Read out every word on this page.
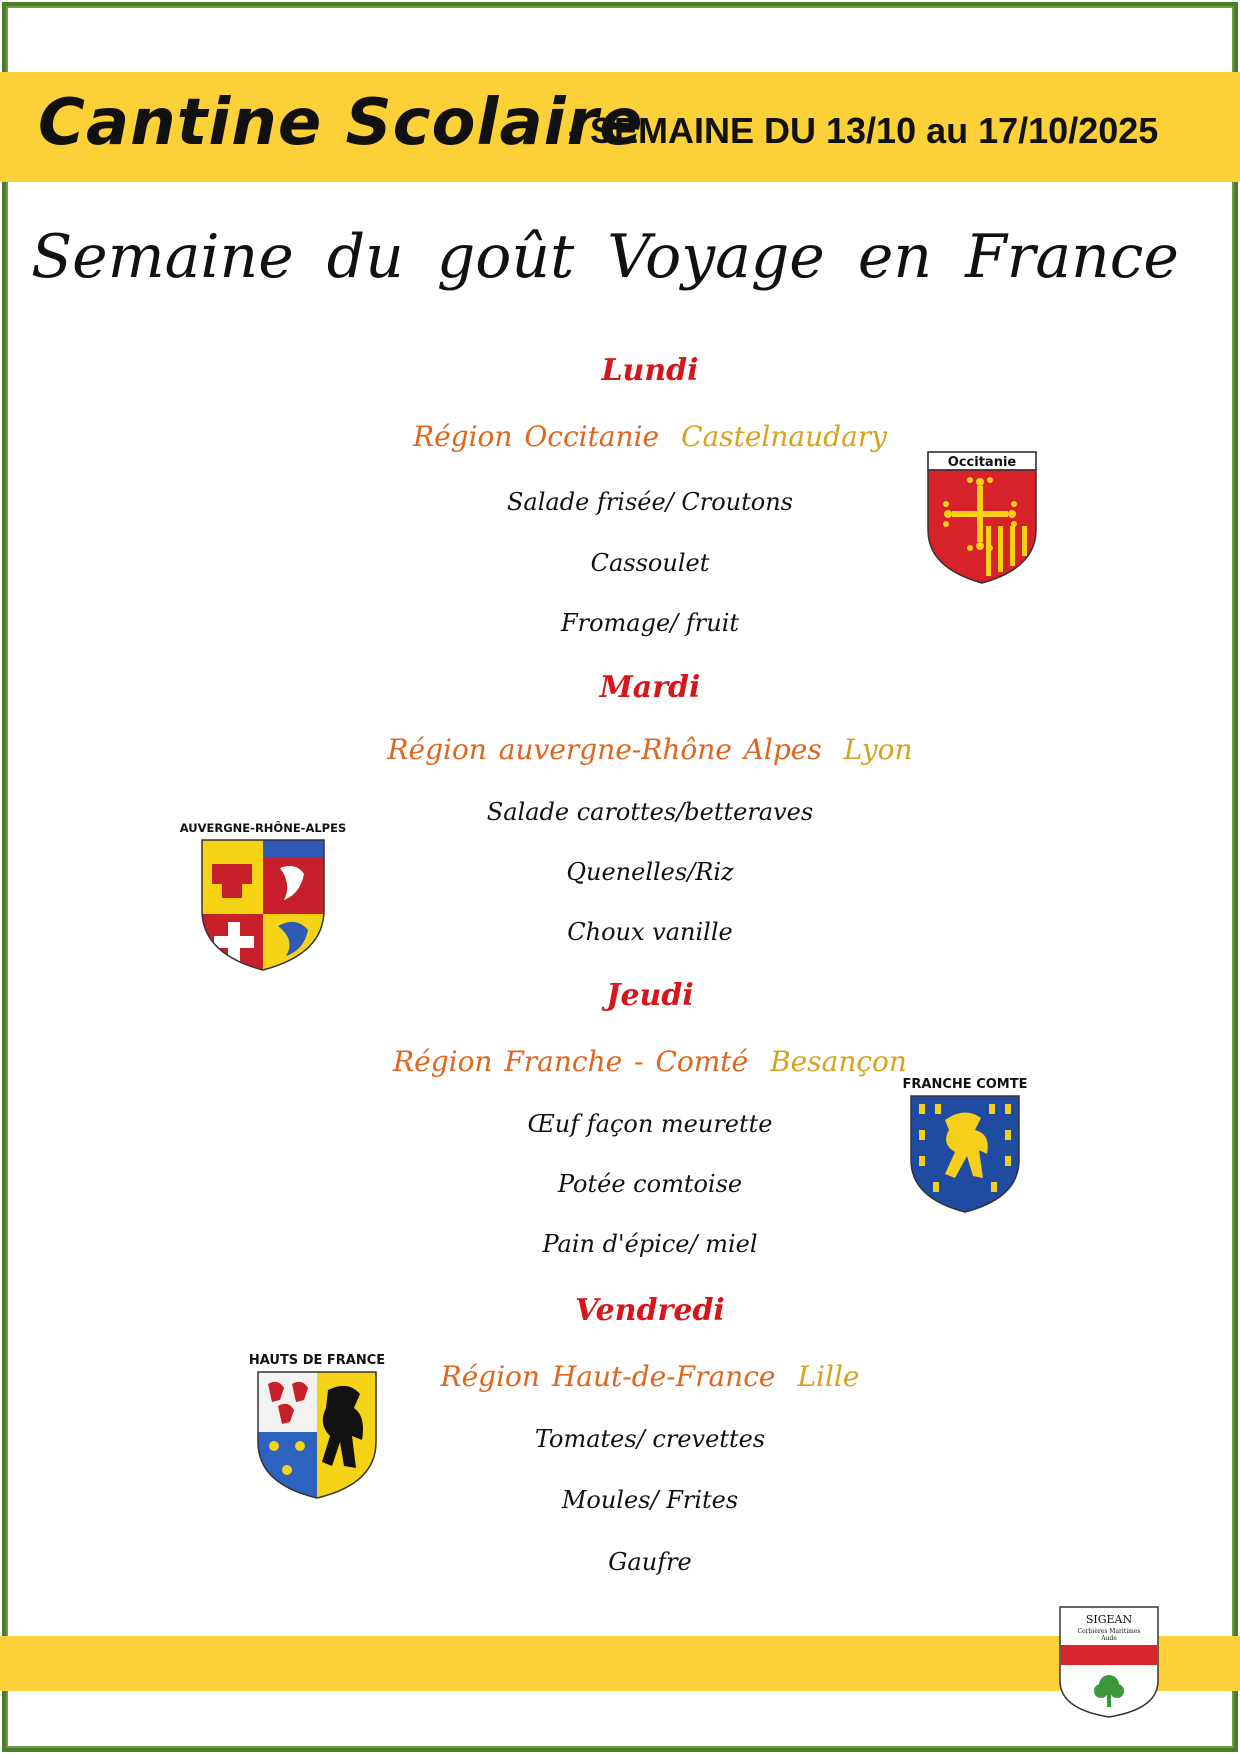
Cantine Scolaire
- SEMAINE DU 13/10 au 17/10/2025
Semaine du goût Voyage en France
Lundi
Région Occitanie Castelnaudary
Salade frisée/ Croutons
Cassoulet
Fromage/ fruit
Mardi
Région auvergne-Rhône Alpes Lyon
Salade carottes/betteraves
Quenelles/Riz
Choux vanille
Jeudi
Région Franche - Comté Besançon
Œuf façon meurette
Potée comtoise
Pain d'épice/ miel
Vendredi
Région Haut-de-France Lille
Tomates/ crevettes
Moules/ Frites
Gaufre
Occitanie
AUVERGNE-RHÔNE-ALPES
FRANCHE COMTE
HAUTS DE FRANCE
SIGEAN
Corbières Maritimes
Aude
